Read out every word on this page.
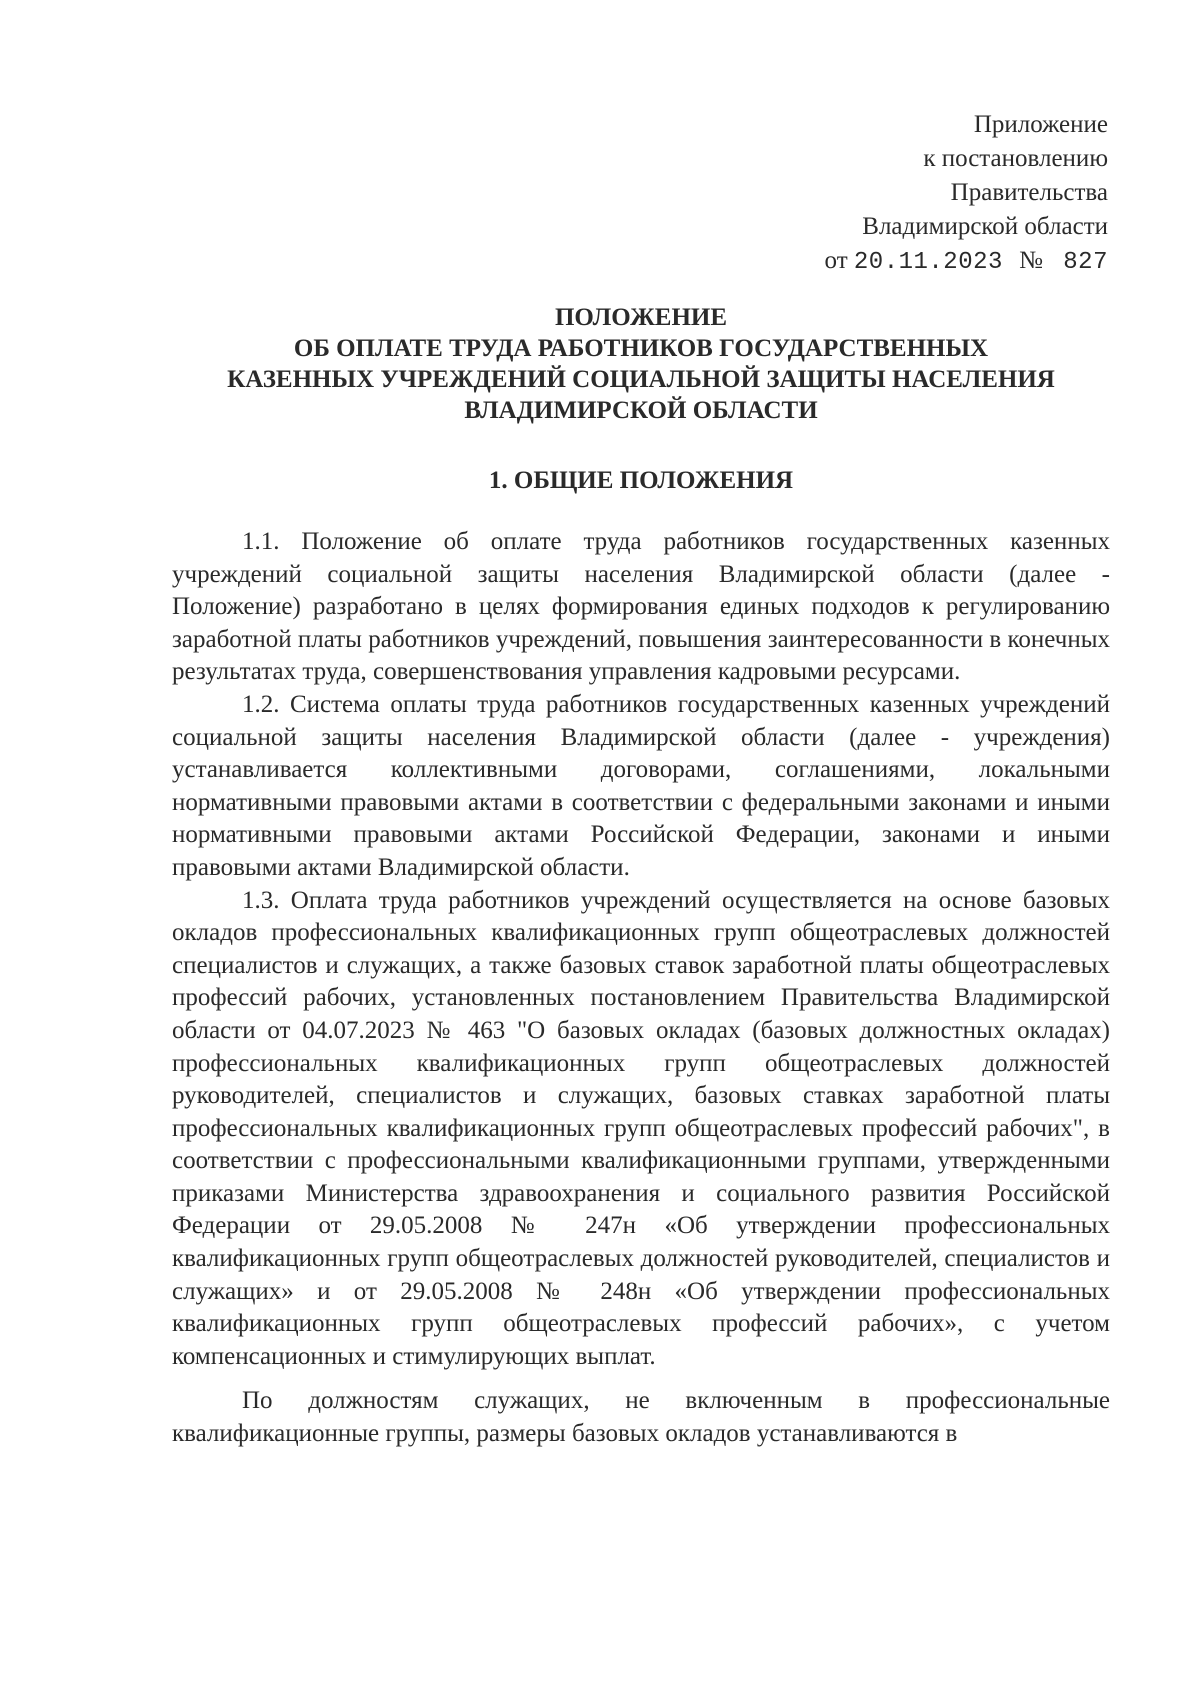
Приложение
к постановлению
Правительства
Владимирской области
от 20.11.2023 № 827
ПОЛОЖЕНИЕ
ОБ ОПЛАТЕ ТРУДА РАБОТНИКОВ ГОСУДАРСТВЕННЫХ
КАЗЕННЫХ УЧРЕЖДЕНИЙ СОЦИАЛЬНОЙ ЗАЩИТЫ НАСЕЛЕНИЯ
ВЛАДИМИРСКОЙ ОБЛАСТИ
1. ОБЩИЕ ПОЛОЖЕНИЯ

1.1. Положение об оплате труда работников государственных казенных учреждений социальной защиты населения Владимирской области (далее - Положение) разработано в целях формирования единых подходов к регулированию заработной платы работников учреждений, повышения заинтересованности в конечных результатах труда, совершенствования управления кадровыми ресурсами.

1.2. Система оплаты труда работников государственных казенных учреждений социальной защиты населения Владимирской области (далее - учреждения) устанавливается коллективными договорами, соглашениями, локальными нормативными правовыми актами в соответствии с федеральными законами и иными нормативными правовыми актами Российской Федерации, законами и иными правовыми актами Владимирской области.

1.3. Оплата труда работников учреждений осуществляется на основе базовых окладов профессиональных квалификационных групп общеотраслевых должностей специалистов и служащих, а также базовых ставок заработной платы общеотраслевых профессий рабочих, установленных постановлением Правительства Владимирской области от 04.07.2023 № 463 "О базовых окладах (базовых должностных окладах) профессиональных квалификационных групп общеотраслевых должностей руководителей, специалистов и служащих, базовых ставках заработной платы профессиональных квалификационных групп общеотраслевых профессий рабочих", в соответствии с профессиональными квалификационными группами, утвержденными приказами Министерства здравоохранения и социального развития Российской Федерации от 29.05.2008 № 247н «Об утверждении профессиональных квалификационных групп общеотраслевых должностей руководителей, специалистов и служащих» и от 29.05.2008 № 248н «Об утверждении профессиональных квалификационных групп общеотраслевых профессий рабочих», с учетом компенсационных и стимулирующих выплат.

По должностям служащих, не включенным в профессиональные квалификационные группы, размеры базовых окладов устанавливаются в
